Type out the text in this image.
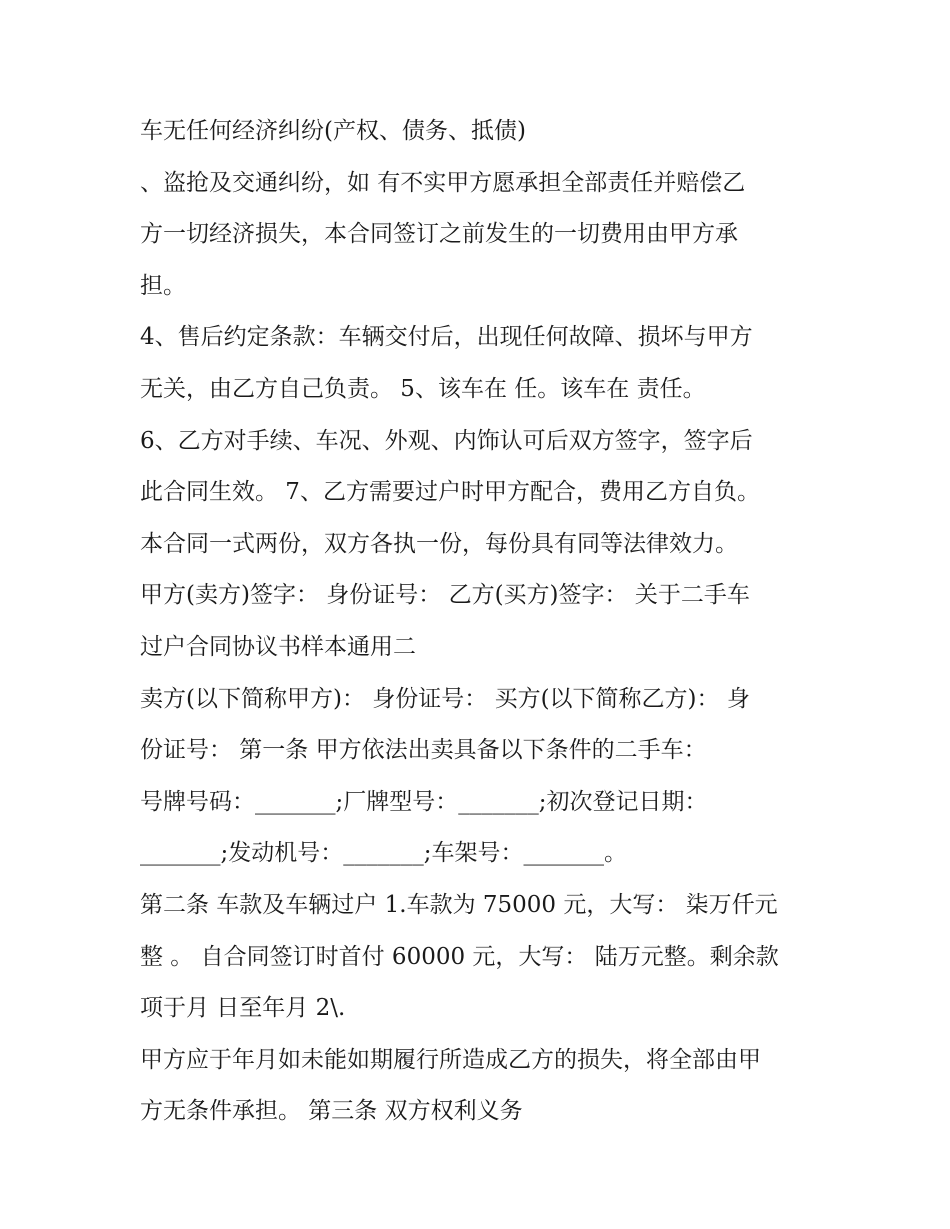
车无任何经济纠纷(产权、债务、抵债)
、盗抢及交通纠纷，如 有不实甲方愿承担全部责任并赔偿乙
方一切经济损失，本合同签订之前发生的一切费用由甲方承
担。
4、售后约定条款：车辆交付后，出现任何故障、损坏与甲方
无关，由乙方自己负责。 5、该车在 任。该车在 责任。
6、乙方对手续、车况、外观、内饰认可后双方签字，签字后
此合同生效。 7、乙方需要过户时甲方配合，费用乙方自负。
本合同一式两份，双方各执一份，每份具有同等法律效力。
甲方(卖方)签字： 身份证号： 乙方(买方)签字： 关于二手车
过户合同协议书样本通用二
卖方(以下简称甲方)： 身份证号： 买方(以下简称乙方)： 身
份证号： 第一条 甲方依法出卖具备以下条件的二手车：
号牌号码：_______;厂牌型号：_______;初次登记日期：
_______;发动机号：_______;车架号：_______。
第二条 车款及车辆过户 1.车款为 75000 元，大写： 柒万仟元
整 。 自合同签订时首付 60000 元，大写： 陆万元整。剩余款
项于月 日至年月 2\.
甲方应于年月如未能如期履行所造成乙方的损失，将全部由甲
方无条件承担。 第三条 双方权利义务
